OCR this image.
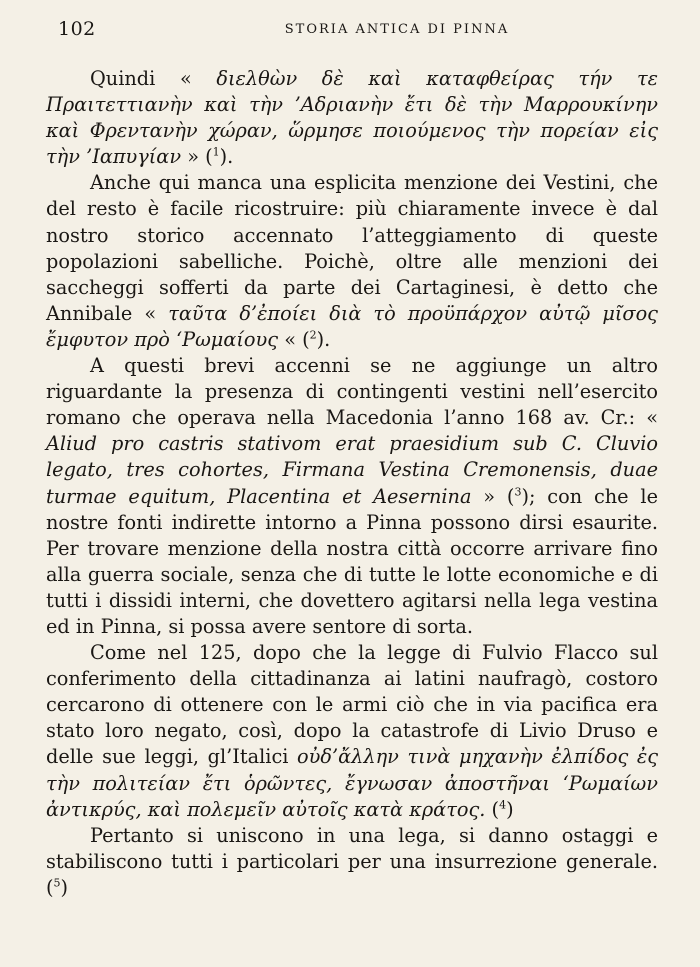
102	STORIA ANTICA DI PINNA

Quindi « διελθὼν δὲ καὶ καταφθείρας τήν τε Πραιτεττιανὴν καὶ τὴν ’Αδριανὴν ἔτι δὲ τὴν Μαρρουκίνην καὶ Φρεντανὴν χώραν, ὥρμησε ποιούμενος τὴν πορείαν εἰς τὴν ’Ιαπυγίαν » ($^1$).

Anche qui manca una esplicita menzione dei Vestini, che del resto è facile ricostruire: più chiaramente invece è dal nostro storico accennato l’atteggiamento di queste popolazioni sabelliche. Poichè, oltre alle menzioni dei saccheggi sofferti da parte dei Cartaginesi, è detto che Annibale « ταῦτα δ’ἐποίει διὰ τὸ προϋπάρχον αὐτῷ μῖσος ἔμφυτον πρὸ ‘Ρωμαίους « ($^2$).

A questi brevi accenni se ne aggiunge un altro riguardante la presenza di contingenti vestini nell’esercito romano che operava nella Macedonia l’anno 168 av. Cr.: « Aliud pro castris stativom erat praesidium sub C. Cluvio legato, tres cohortes, Firmana Vestina Cremonensis, duae turmae equitum, Placentina et Aesernina » ($^3$); con che le nostre fonti indirette intorno a Pinna possono dirsi esaurite. Per trovare menzione della nostra città occorre arrivare fino alla guerra sociale, senza che di tutte le lotte economiche e di tutti i dissidi interni, che dovettero agitarsi nella lega vestina ed in Pinna, si possa avere sentore di sorta.

Come nel 125, dopo che la legge di Fulvio Flacco sul conferimento della cittadinanza ai latini naufragò, costoro cercarono di ottenere con le armi ciò che in via pacifica era stato loro negato, così, dopo la catastrofe di Livio Druso e delle sue leggi, gl’Italici οὐδ’ἄλλην τινὰ μηχανὴν ἐλπίδος ἐς τὴν πολιτείαν ἔτι ὁρῶντες, ἔγνωσαν ἀποστῆναι ‘Ρωμαίων ἀντικρύς, καὶ πολεμεῖν αὐτοῖς κατὰ κράτος. ($^4$)

Pertanto si uniscono in una lega, si danno ostaggi e stabiliscono tutti i particolari per una insurrezione generale. ($^5$)
